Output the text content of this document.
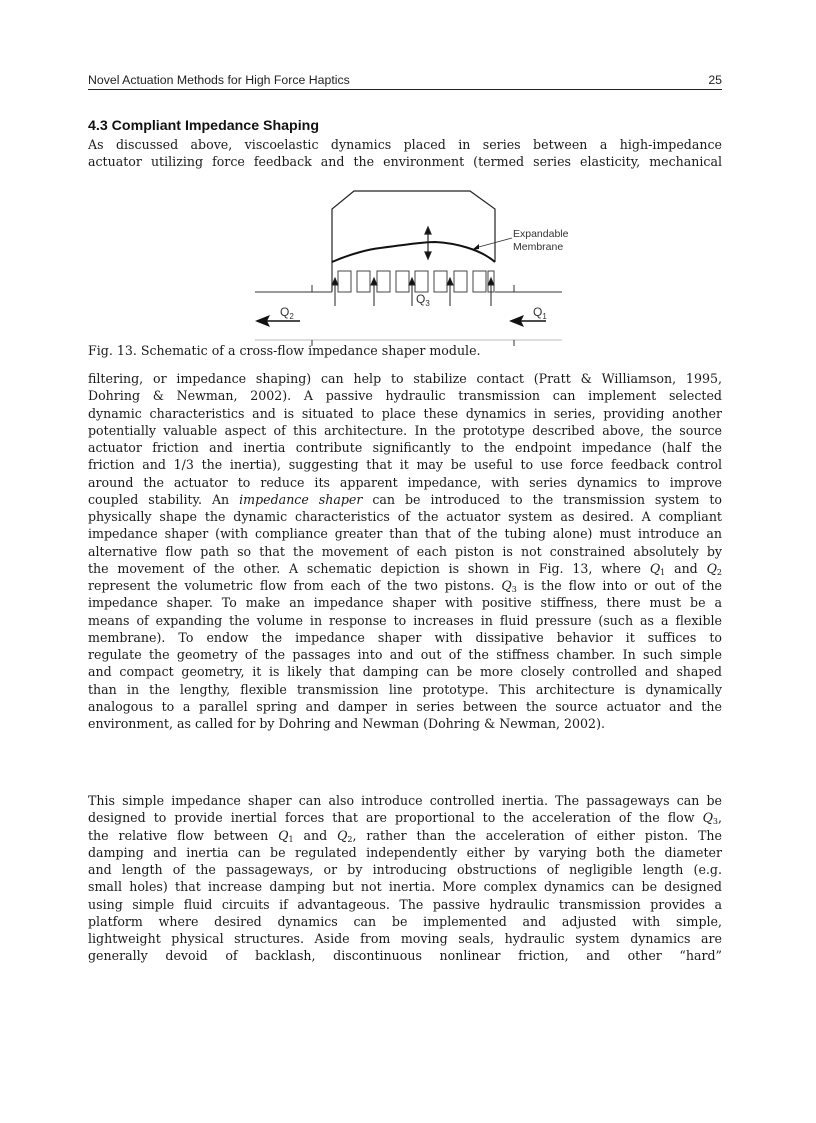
Novel Actuation Methods for High Force Haptics	25
4.3 Compliant Impedance Shaping
As discussed above, viscoelastic dynamics placed in series between a high-impedance
actuator utilizing force feedback and the environment (termed series elasticity, mechanical
Expandable
Membrane
$Q_3$
$Q_2$	$Q_1$
Fig. 13. Schematic of a cross-flow impedance shaper module.
filtering, or impedance shaping) can help to stabilize contact (Pratt & Williamson, 1995,
Dohring & Newman, 2002). A passive hydraulic transmission can implement selected
dynamic characteristics and is situated to place these dynamics in series, providing another
potentially valuable aspect of this architecture. In the prototype described above, the source
actuator friction and inertia contribute significantly to the endpoint impedance (half the
friction and 1/3 the inertia), suggesting that it may be useful to use force feedback control
around the actuator to reduce its apparent impedance, with series dynamics to improve
coupled stability. An impedance shaper can be introduced to the transmission system to
physically shape the dynamic characteristics of the actuator system as desired. A compliant
impedance shaper (with compliance greater than that of the tubing alone) must introduce an
alternative flow path so that the movement of each piston is not constrained absolutely by
the movement of the other. A schematic depiction is shown in Fig. 13, where $Q_1$ and $Q_2$
represent the volumetric flow from each of the two pistons. $Q_3$ is the flow into or out of the
impedance shaper. To make an impedance shaper with positive stiffness, there must be a
means of expanding the volume in response to increases in fluid pressure (such as a flexible
membrane). To endow the impedance shaper with dissipative behavior it suffices to
regulate the geometry of the passages into and out of the stiffness chamber. In such simple
and compact geometry, it is likely that damping can be more closely controlled and shaped
than in the lengthy, flexible transmission line prototype. This architecture is dynamically
analogous to a parallel spring and damper in series between the source actuator and the
environment, as called for by Dohring and Newman (Dohring & Newman, 2002).
This simple impedance shaper can also introduce controlled inertia. The passageways can be
designed to provide inertial forces that are proportional to the acceleration of the flow $Q_3$,
the relative flow between $Q_1$ and $Q_2$, rather than the acceleration of either piston. The
damping and inertia can be regulated independently either by varying both the diameter
and length of the passageways, or by introducing obstructions of negligible length (e.g.
small holes) that increase damping but not inertia. More complex dynamics can be designed
using simple fluid circuits if advantageous. The passive hydraulic transmission provides a
platform where desired dynamics can be implemented and adjusted with simple,
lightweight physical structures. Aside from moving seals, hydraulic system dynamics are
generally devoid of backlash, discontinuous nonlinear friction, and other “hard”
